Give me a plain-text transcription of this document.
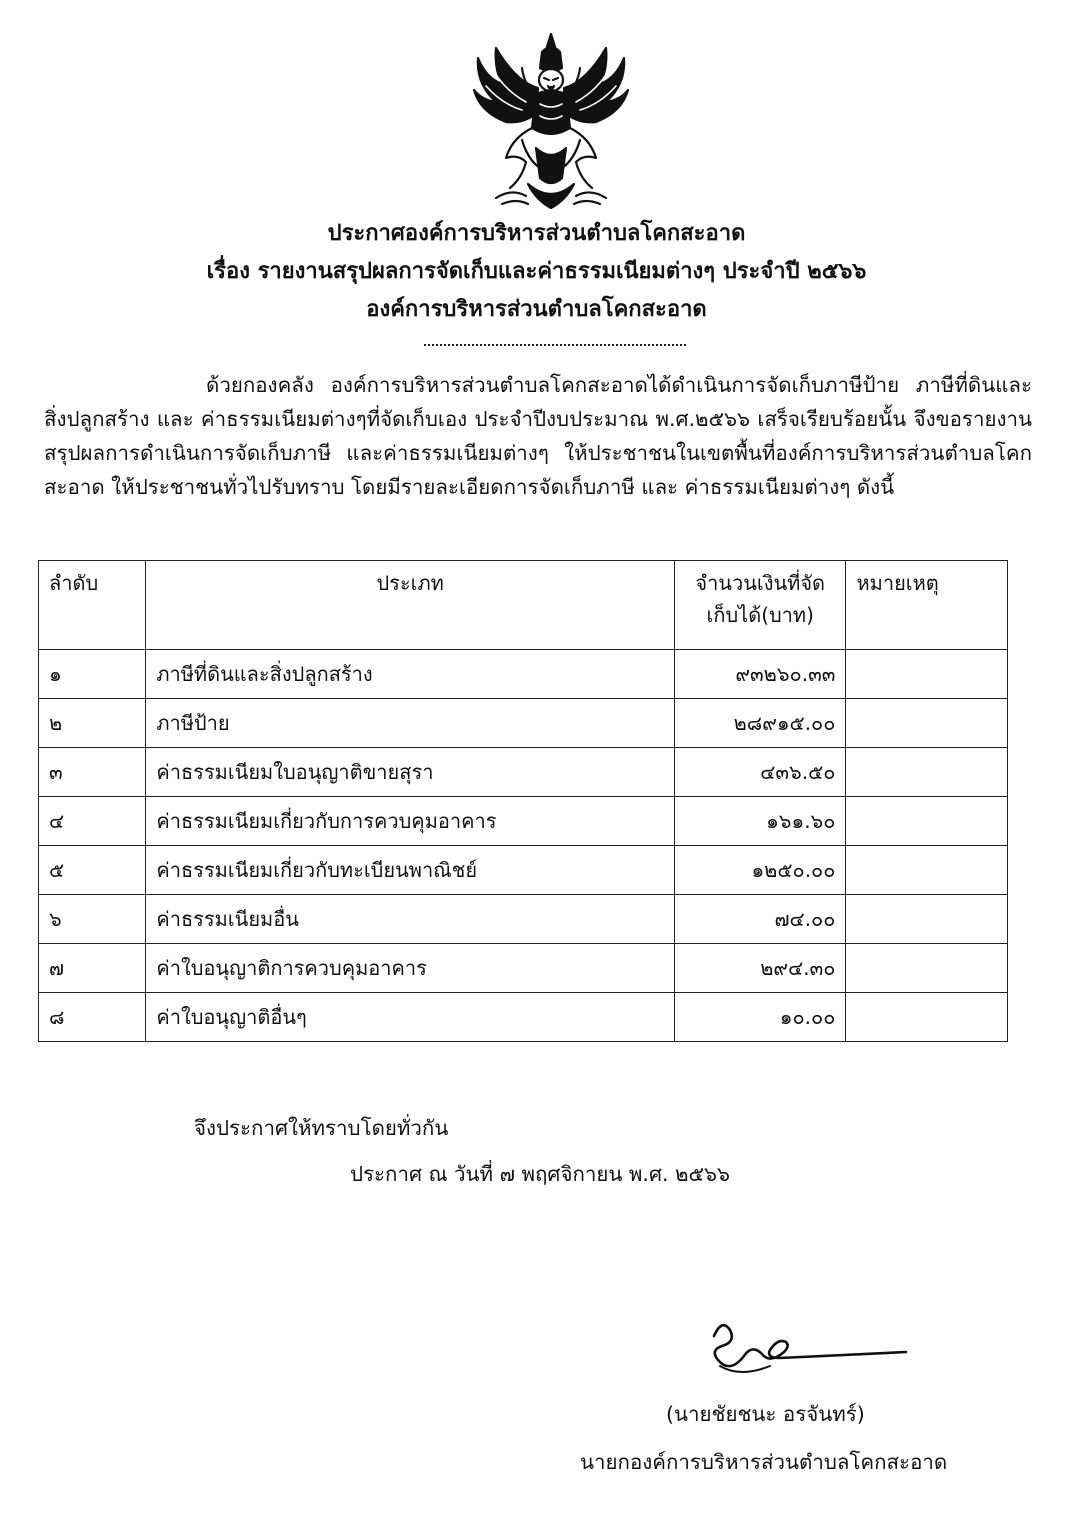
ประกาศองค์การบริหารส่วนตำบลโคกสะอาด
เรื่อง รายงานสรุปผลการจัดเก็บและค่าธรรมเนียมต่างๆ ประจำปี ๒๕๖๖
องค์การบริหารส่วนตำบลโคกสะอาด
ด้วยกองคลัง องค์การบริหารส่วนตำบลโคกสะอาดได้ดำเนินการจัดเก็บภาษีป้าย ภาษีที่ดินและสิ่งปลูกสร้าง และ ค่าธรรมเนียมต่างๆที่จัดเก็บเอง ประจำปีงบประมาณ พ.ศ.๒๕๖๖ เสร็จเรียบร้อยนั้น จึงขอรายงานสรุปผลการดำเนินการจัดเก็บภาษี และค่าธรรมเนียมต่างๆ ให้ประชาชนในเขตพื้นที่องค์การบริหารส่วนตำบลโคกสะอาด ให้ประชาชนทั่วไปรับทราบ โดยมีรายละเอียดการจัดเก็บภาษี และ ค่าธรรมเนียมต่างๆ ดังนี้
ลำดับ	ประเภท	จำนวนเงินที่จัดเก็บได้(บาท)	หมายเหตุ
๑	ภาษีที่ดินและสิ่งปลูกสร้าง	๙๓๒๖๐.๓๓	
๒	ภาษีป้าย	๒๘๙๑๕.๐๐	
๓	ค่าธรรมเนียมใบอนุญาติขายสุรา	๔๓๖.๕๐	
๔	ค่าธรรมเนียมเกี่ยวกับการควบคุมอาคาร	๑๖๑.๖๐	
๕	ค่าธรรมเนียมเกี่ยวกับทะเบียนพาณิชย์	๑๒๕๐.๐๐	
๖	ค่าธรรมเนียมอื่น	๗๔.๐๐	
๗	ค่าใบอนุญาติการควบคุมอาคาร	๒๙๔.๓๐	
๘	ค่าใบอนุญาติอื่นๆ	๑๐.๐๐	
จึงประกาศให้ทราบโดยทั่วกัน
ประกาศ ณ วันที่ ๗ พฤศจิกายน พ.ศ. ๒๕๖๖
(นายชัยชนะ อรจันทร์)
นายกองค์การบริหารส่วนตำบลโคกสะอาด
